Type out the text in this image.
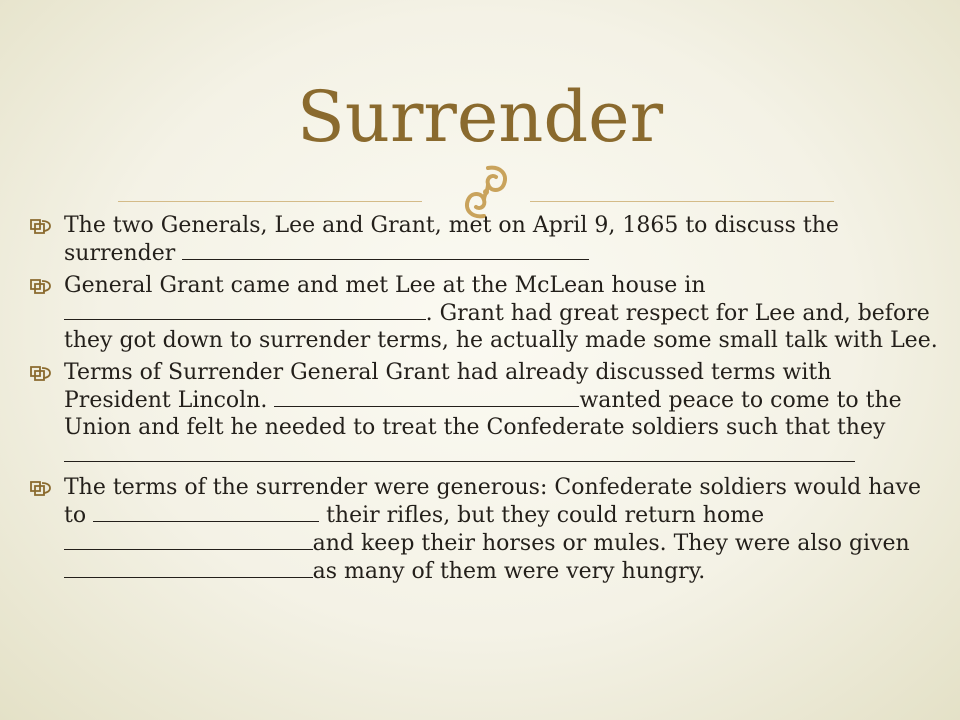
Surrender
The two Generals, Lee and Grant, met on April 9, 1865 to discuss the surrender
General Grant came and met Lee at the McLean house in . Grant had great respect for Lee and, before they got down to surrender terms, he actually made some small talk with Lee.
Terms of Surrender General Grant had already discussed terms with President Lincoln.	wanted peace to come to the Union and felt he needed to treat the Confederate soldiers such that they
The terms of the surrender were generous: Confederate soldiers would have to	their rifles, but they could return home and keep their horses or mules. They were also given as many of them were very hungry.
